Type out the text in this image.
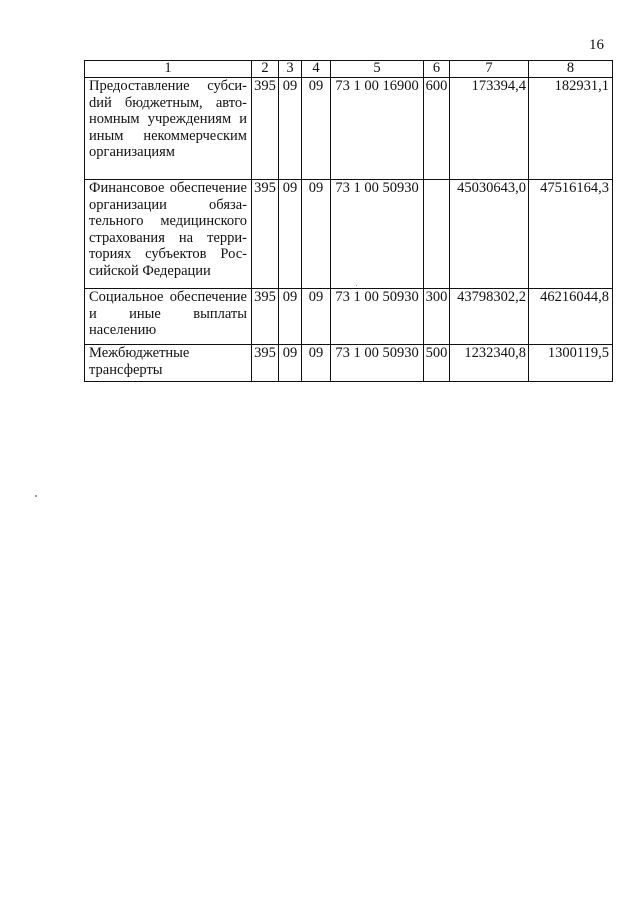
16
1	2	3	4	5	6	7	8
Предоставление субсиdий бюджетным, автономным учреждениям и иным некоммерческим организациям	395	09	09	73 1 00 16900	600	173394,4	182931,1
Финансовое обеспечение организации обязательного медицинского страхования на территориях субъектов Российской Федерации	395	09	09	73 1 00 50930		45030643,0	47516164,3
Социальное обеспечение и иные выплаты населению	395	09	09	73 1 00 50930	300	43798302,2	46216044,8
Межбюджетные трансферты	395	09	09	73 1 00 50930	500	1232340,8	1300119,5
